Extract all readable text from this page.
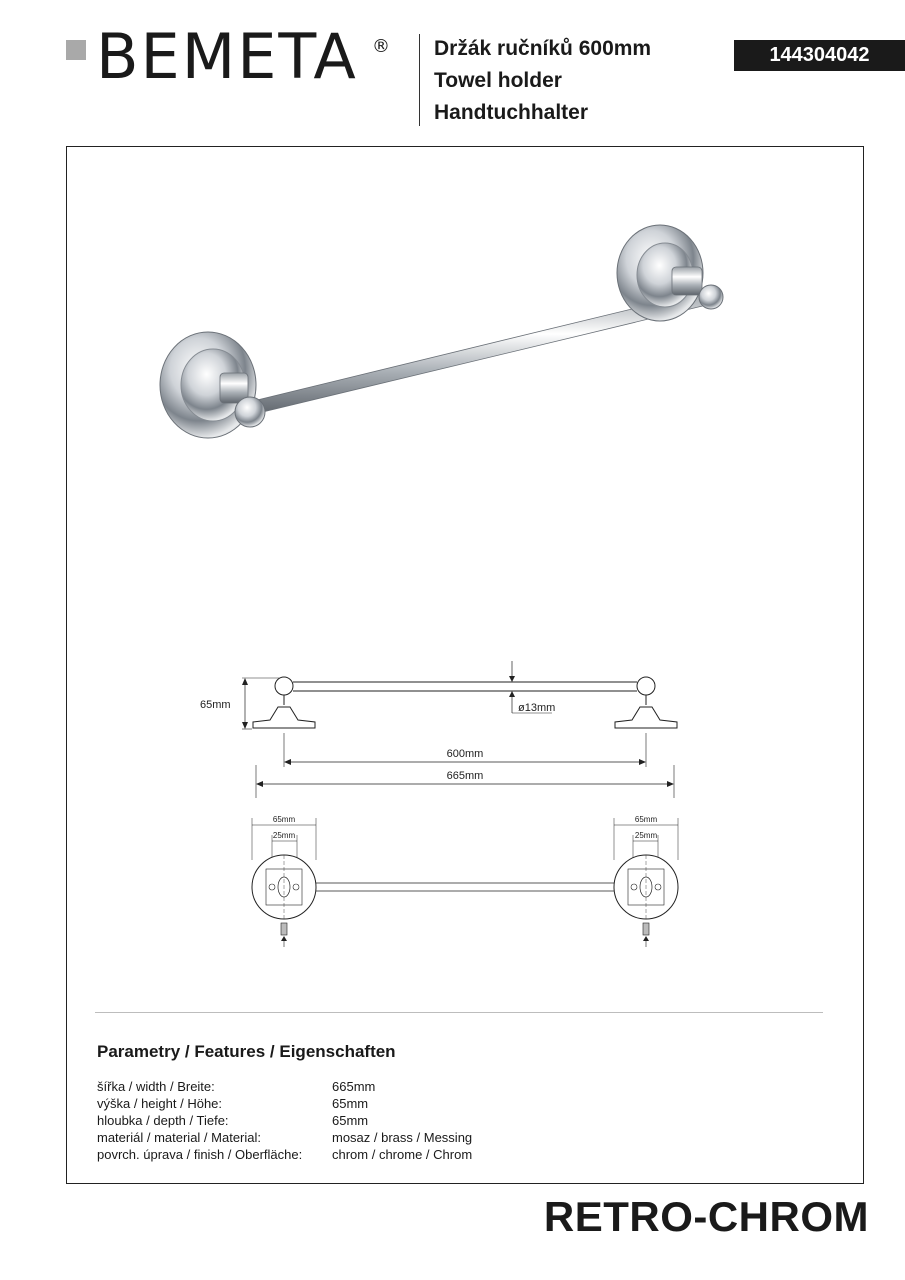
BEMETA ® Držák ručníků 600mm
Towel holder
Handtuchhalter
144304042
65mm	ø13mm
600mm
665mm
65mm
25mm
65mm
25mm
Parametry / Features / Eigenschaften
šířka / width / Breite:	665mm
výška / height / Höhe:	65mm
hloubka / depth / Tiefe:	65mm
materiál / material / Material:	mosaz / brass / Messing
povrch. úprava / finish / Oberfläche: chrom / chrome / Chrom
RETRO-CHROM
